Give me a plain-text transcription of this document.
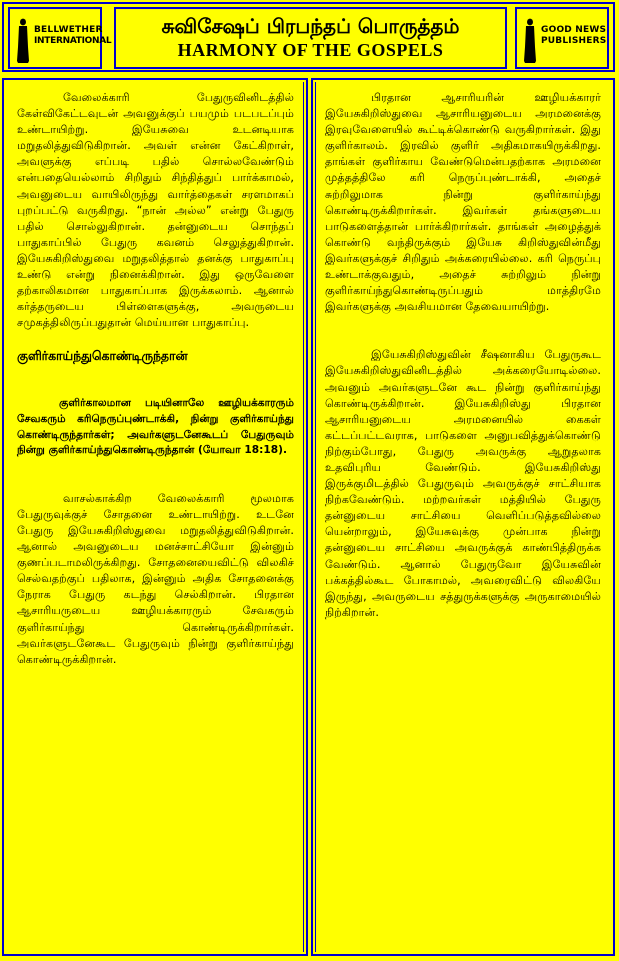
BELLWETHER
INTERNATIONAL
சுவிசேஷப் பிரபந்தப் பொருத்தம்
HARMONY OF THE GOSPELS
GOOD NEWS
PUBLISHERS

வேலைக்காரி பேதுருவினிடத்தில் கேள்விகேட்டவுடன் அவனுக்குப் பயமும் படபடப்பும் உண்டாயிற்று. இயேசுவை உடனடியாக மறுதலித்துவிடுகிறான். அவள் என்ன கேட்கிறாள், அவளுக்கு எப்படி பதில் சொல்லவேண்டும் என்பதையெல்லாம் சிறிதும் சிந்தித்துப் பார்க்காமல், அவனுடைய வாயிலிருந்து வார்த்தைகள் சரளமாகப் புறப்பட்டு வருகிறது. “நான் அல்ல” என்று பேதுரு பதில் சொல்லுகிறான். தன்னுடைய சொந்தப் பாதுகாப்பில் பேதுரு கவனம் செலுத்துகிறான். இயேசுகிறிஸ்துவை மறுதலித்தால் தனக்கு பாதுகாப்பு உண்டு என்று நினைக்கிறான். இது ஒருவேளை தற்காலிகமான பாதுகாப்பாக இருக்கலாம். ஆனால் கர்த்தருடைய பிள்ளைகளுக்கு, அவருடைய சமுகத்திலிருப்பதுதான் மெய்யான பாதுகாப்பு.

குளிர்காய்ந்துகொண்டிருந்தான்

குளிர்காலமான படியினாலே ஊழியக்காரரும் சேவகரும் கரிநெருப்புண்டாக்கி, நின்று குளிர்காய்ந்து கொண்டிருந்தார்கள்; அவர்களுடனேகூடப் பேதுருவும் நின்று குளிர்காய்ந்துகொண்டிருந்தான் (யோவா 18:18).

வாசல்காக்கிற வேலைக்காரி மூலமாக பேதுருவுக்குச் சோதனை உண்டாயிற்று. உடனே பேதுரு இயேசுகிறிஸ்துவை மறுதலித்துவிடுகிறான். ஆனால் அவனுடைய மனச்சாட்சியோ இன்னும் குணப்படாமலிருக்கிறது. சோதனையைவிட்டு விலகிச் செல்வதற்குப் பதிலாக, இன்னும் அதிக சோதனைக்கு நேராக பேதுரு கடந்து செல்கிறான். பிரதான ஆசாரியருடைய ஊழியக்காரரும் சேவகரும் குளிர்காய்ந்து கொண்டிருக்கிறார்கள். அவர்களுடனேகூட பேதுருவும் நின்று குளிர்காய்ந்து கொண்டிருக்கிறான்.

பிரதான ஆசாரியரின் ஊழியக்காரர் இயேசுகிறிஸ்துவை ஆசாரியனுடைய அரமனைக்கு இரவுவேளையில் கூட்டிக்கொண்டு வருகிறார்கள். இது குளிர்காலம். இரவில் குளிர் அதிகமாகயிருக்கிறது. தாங்கள் குளிர்காய வேண்டுமென்பதற்காக அரமனை முத்தத்திலே கரி நெருப்புண்டாக்கி, அதைச் சுற்றிலுமாக நின்று குளிர்காய்ந்து கொண்டிருக்கிறார்கள். இவர்கள் தங்களுடைய பாடுகளைத்தான் பார்க்கிறார்கள். தாங்கள் அழைத்துக் கொண்டு வந்திருக்கும் இயேசு கிறிஸ்துவின்மீது இவர்களுக்குச் சிறிதும் அக்கரையில்லை. கரி நெருப்பு உண்டாக்குவதும், அதைச் சுற்றிலும் நின்று குளிர்காய்ந்துகொண்டிருப்பதும் மாத்திரமே இவர்களுக்கு அவசியமான தேவையாயிற்று.

இயேசுகிறிஸ்துவின் சீஷனாகிய பேதுருகூட இயேசுகிறிஸ்துவினிடத்தில் அக்கரையோடில்லை. அவனும் அவர்களுடனே கூட நின்று குளிர்காய்ந்து கொண்டிருக்கிறான். இயேசுகிறிஸ்து பிரதான ஆசாரியனுடைய அரமனையில் கைகள் கட்டப்பட்டவராக, பாடுகளை அனுபவித்துக்கொண்டு நிற்கும்போது, பேதுரு அவருக்கு ஆறுதலாக உதவிபுரிய வேண்டும். இயேசுகிறிஸ்து இருக்குமிடத்தில் பேதுருவும் அவருக்குச் சாட்சியாக நிற்கவேண்டும். மற்றவர்கள் மத்தியில் பேதுரு தன்னுடைய சாட்சியை வெளிப்படுத்தவில்லை யென்றாலும், இயேசுவுக்கு முன்பாக நின்று தன்னுடைய சாட்சியை அவருக்குக் காண்பித்திருக்க வேண்டும். ஆனால் பேதுருவோ இயேசுவின் பக்கத்தில்கூட போகாமல், அவரைவிட்டு விலகியே இருந்து, அவருடைய சத்துருக்களுக்கு அருகாமையில் நிற்கிறான்.
